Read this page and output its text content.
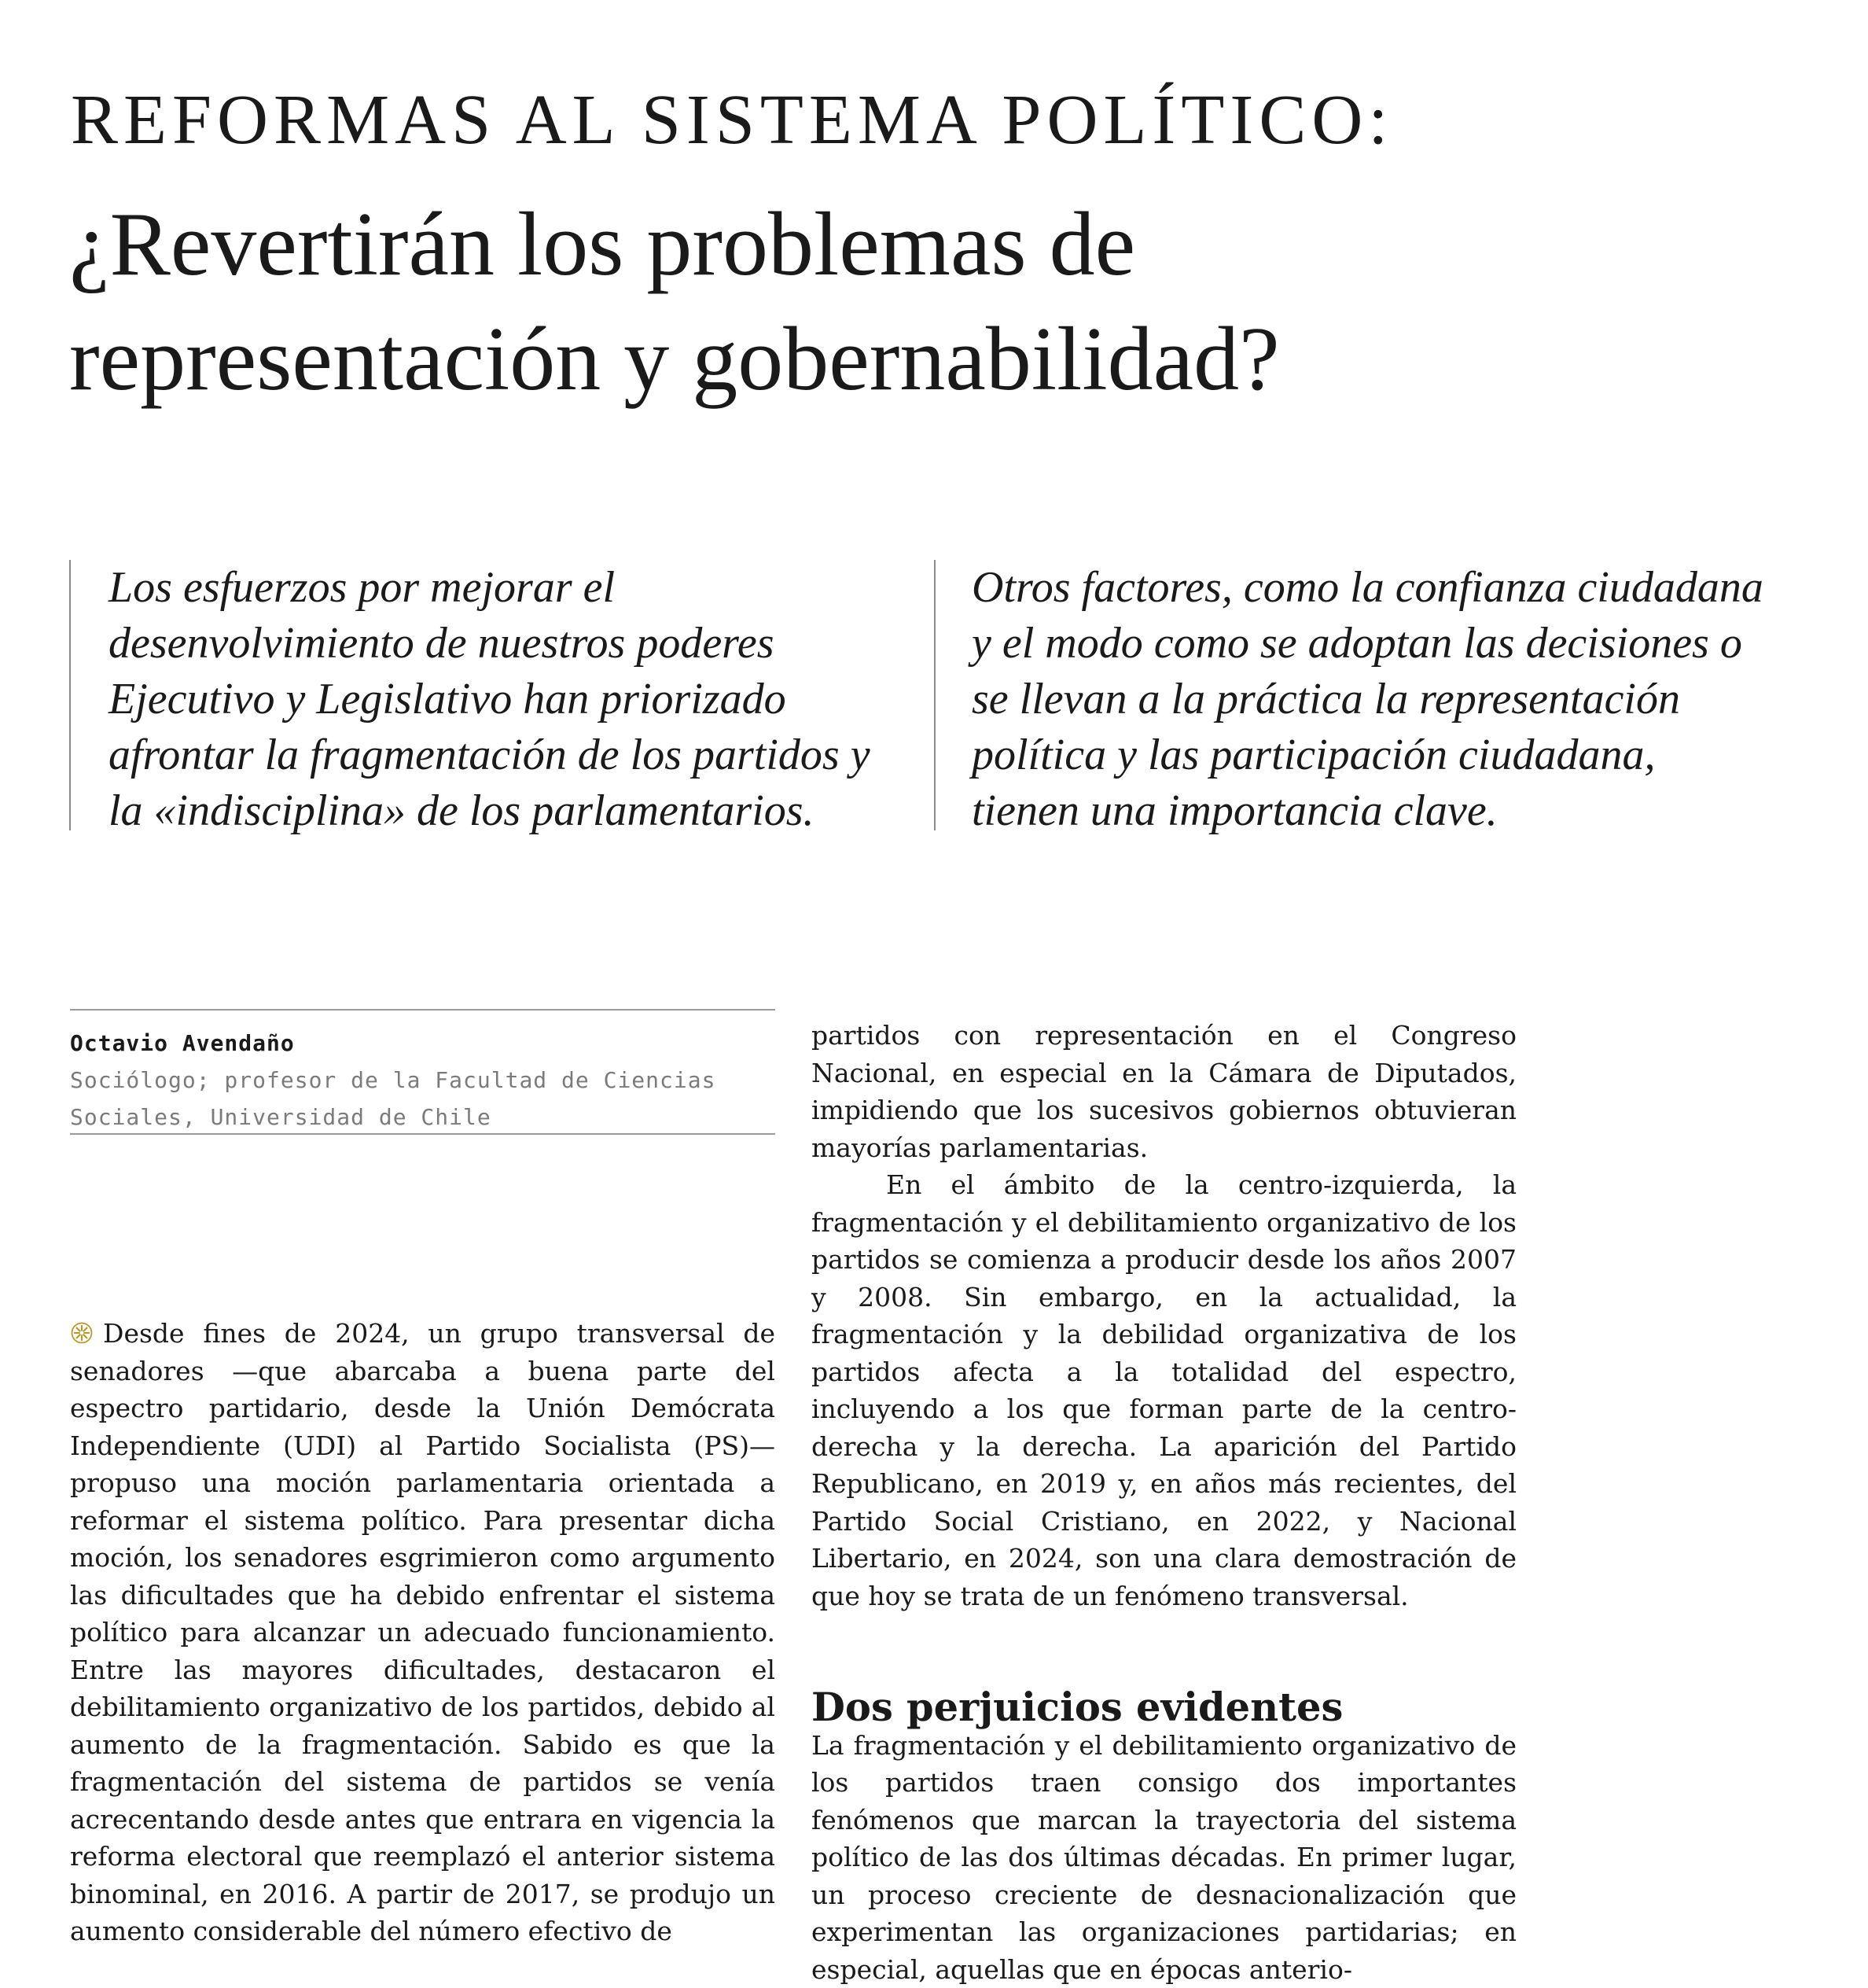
REFORMAS AL SISTEMA POLÍTICO:
¿Revertirán los problemas de
representación y gobernabilidad?
Los esfuerzos por mejorar el desenvolvimiento de nuestros poderes Ejecutivo y Legislativo han priorizado afrontar la fragmentación de los partidos y la «indisciplina» de los parlamentarios.
Otros factores, como la confianza ciudadana y el modo como se adoptan las decisiones o se llevan a la práctica la representación política y las participación ciudadana, tienen una importancia clave.
Octavio Avendaño
Sociólogo; profesor de la Facultad de Ciencias Sociales, Universidad de Chile

Desde fines de 2024, un grupo transversal de senadores —que abarcaba a buena parte del espectro partidario, desde la Unión Demócrata Independiente (UDI) al Partido Socialista (PS)— propuso una moción parlamentaria orientada a reformar el sistema político. Para presentar dicha moción, los senadores esgrimieron como argumento las dificultades que ha debido enfrentar el sistema político para alcanzar un adecuado funcionamiento. Entre las mayores dificultades, destacaron el debilitamiento organizativo de los partidos, debido al aumento de la fragmentación. Sabido es que la fragmentación del sistema de partidos se venía acrecentando desde antes que entrara en vigencia la reforma electoral que reemplazó el anterior sistema binominal, en 2016. A partir de 2017, se produjo un aumento considerable del número efectivo de

partidos con representación en el Congreso Nacional, en especial en la Cámara de Diputados, impidiendo que los sucesivos gobiernos obtuvieran mayorías parlamentarias.

En el ámbito de la centro-izquierda, la fragmentación y el debilitamiento organizativo de los partidos se comienza a producir desde los años 2007 y 2008. Sin embargo, en la actualidad, la fragmentación y la debilidad organizativa de los partidos afecta a la totalidad del espectro, incluyendo a los que forman parte de la centro-derecha y la derecha. La aparición del Partido Republicano, en 2019 y, en años más recientes, del Partido Social Cristiano, en 2022, y Nacional Libertario, en 2024, son una clara demostración de que hoy se trata de un fenómeno transversal.

Dos perjuicios evidentes

La fragmentación y el debilitamiento organizativo de los partidos traen consigo dos importantes fenómenos que marcan la trayectoria del sistema político de las dos últimas décadas. En primer lugar, un proceso creciente de desnacionalización que experimentan las organizaciones partidarias; en especial, aquellas que en épocas anterio-
